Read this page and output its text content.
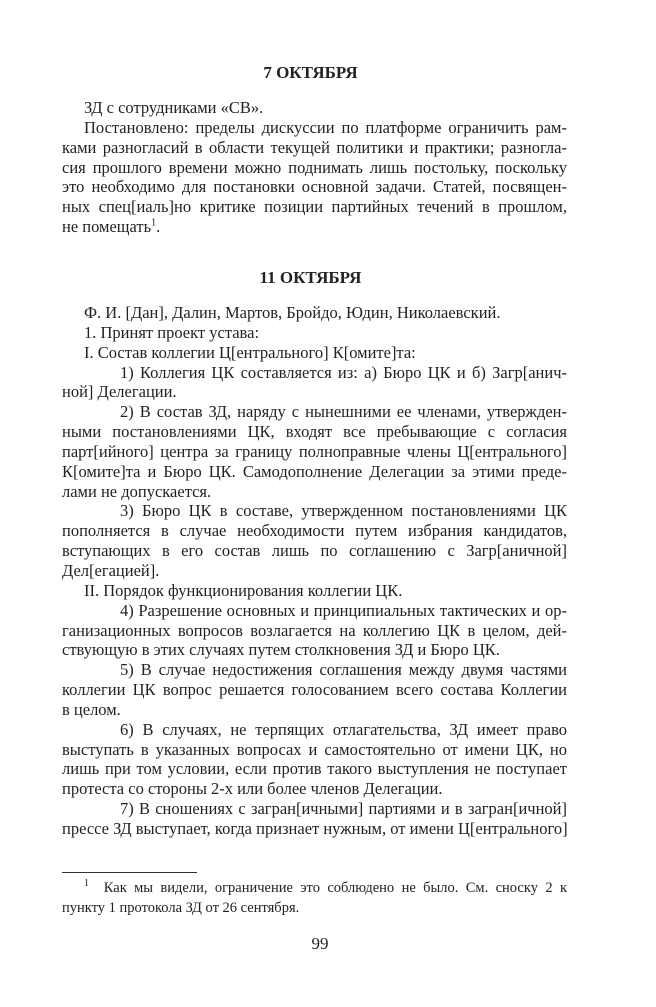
7 ОКТЯБРЯ
ЗД с сотрудниками «СВ».
Постановлено: пределы дискуссии по платформе ограничить рам-
ками разногласий в области текущей политики и практики; разногла-
сия прошлого времени можно поднимать лишь постольку, поскольку
это необходимо для постановки основной задачи. Статей, посвящен-
ных спец[иаль]но критике позиции партийных течений в прошлом,
не помещать$^1$.
11 ОКТЯБРЯ
Ф. И. [Дан], Далин, Мартов, Бройдо, Юдин, Николаевский.
1. Принят проект устава:
I. Состав коллегии Ц[ентрального] К[омите]та:
1) Коллегия ЦК составляется из: а) Бюро ЦК и б) Загр[анич-
ной] Делегации.
2) В состав ЗД, наряду с нынешними ее членами, утвержден-
ными постановлениями ЦК, входят все пребывающие с согласия
парт[ийного] центра за границу полноправные члены Ц[ентрального]
К[омите]та и Бюро ЦК. Самодополнение Делегации за этими преде-
лами не допускается.
3) Бюро ЦК в составе, утвержденном постановлениями ЦК
пополняется в случае необходимости путем избрания кандидатов,
вступающих в его состав лишь по соглашению с Загр[аничной]
Дел[егацией].
II. Порядок функционирования коллегии ЦК.
4) Разрешение основных и принципиальных тактических и ор-
ганизационных вопросов возлагается на коллегию ЦК в целом, дей-
ствующую в этих случаях путем столкновения ЗД и Бюро ЦК.
5) В случае недостижения соглашения между двумя частями
коллегии ЦК вопрос решается голосованием всего состава Коллегии
в целом.
6) В случаях, не терпящих отлагательства, ЗД имеет право
выступать в указанных вопросах и самостоятельно от имени ЦК, но
лишь при том условии, если против такого выступления не поступает
протеста со стороны 2-х или более членов Делегации.
7) В сношениях с загран[ичными] партиями и в загран[ичной]
прессе ЗД выступает, когда признает нужным, от имени Ц[ентрального]
$^1$ Как мы видели, ограничение это соблюдено не было. См. сноску 2 к
пункту 1 протокола ЗД от 26 сентября.
99
